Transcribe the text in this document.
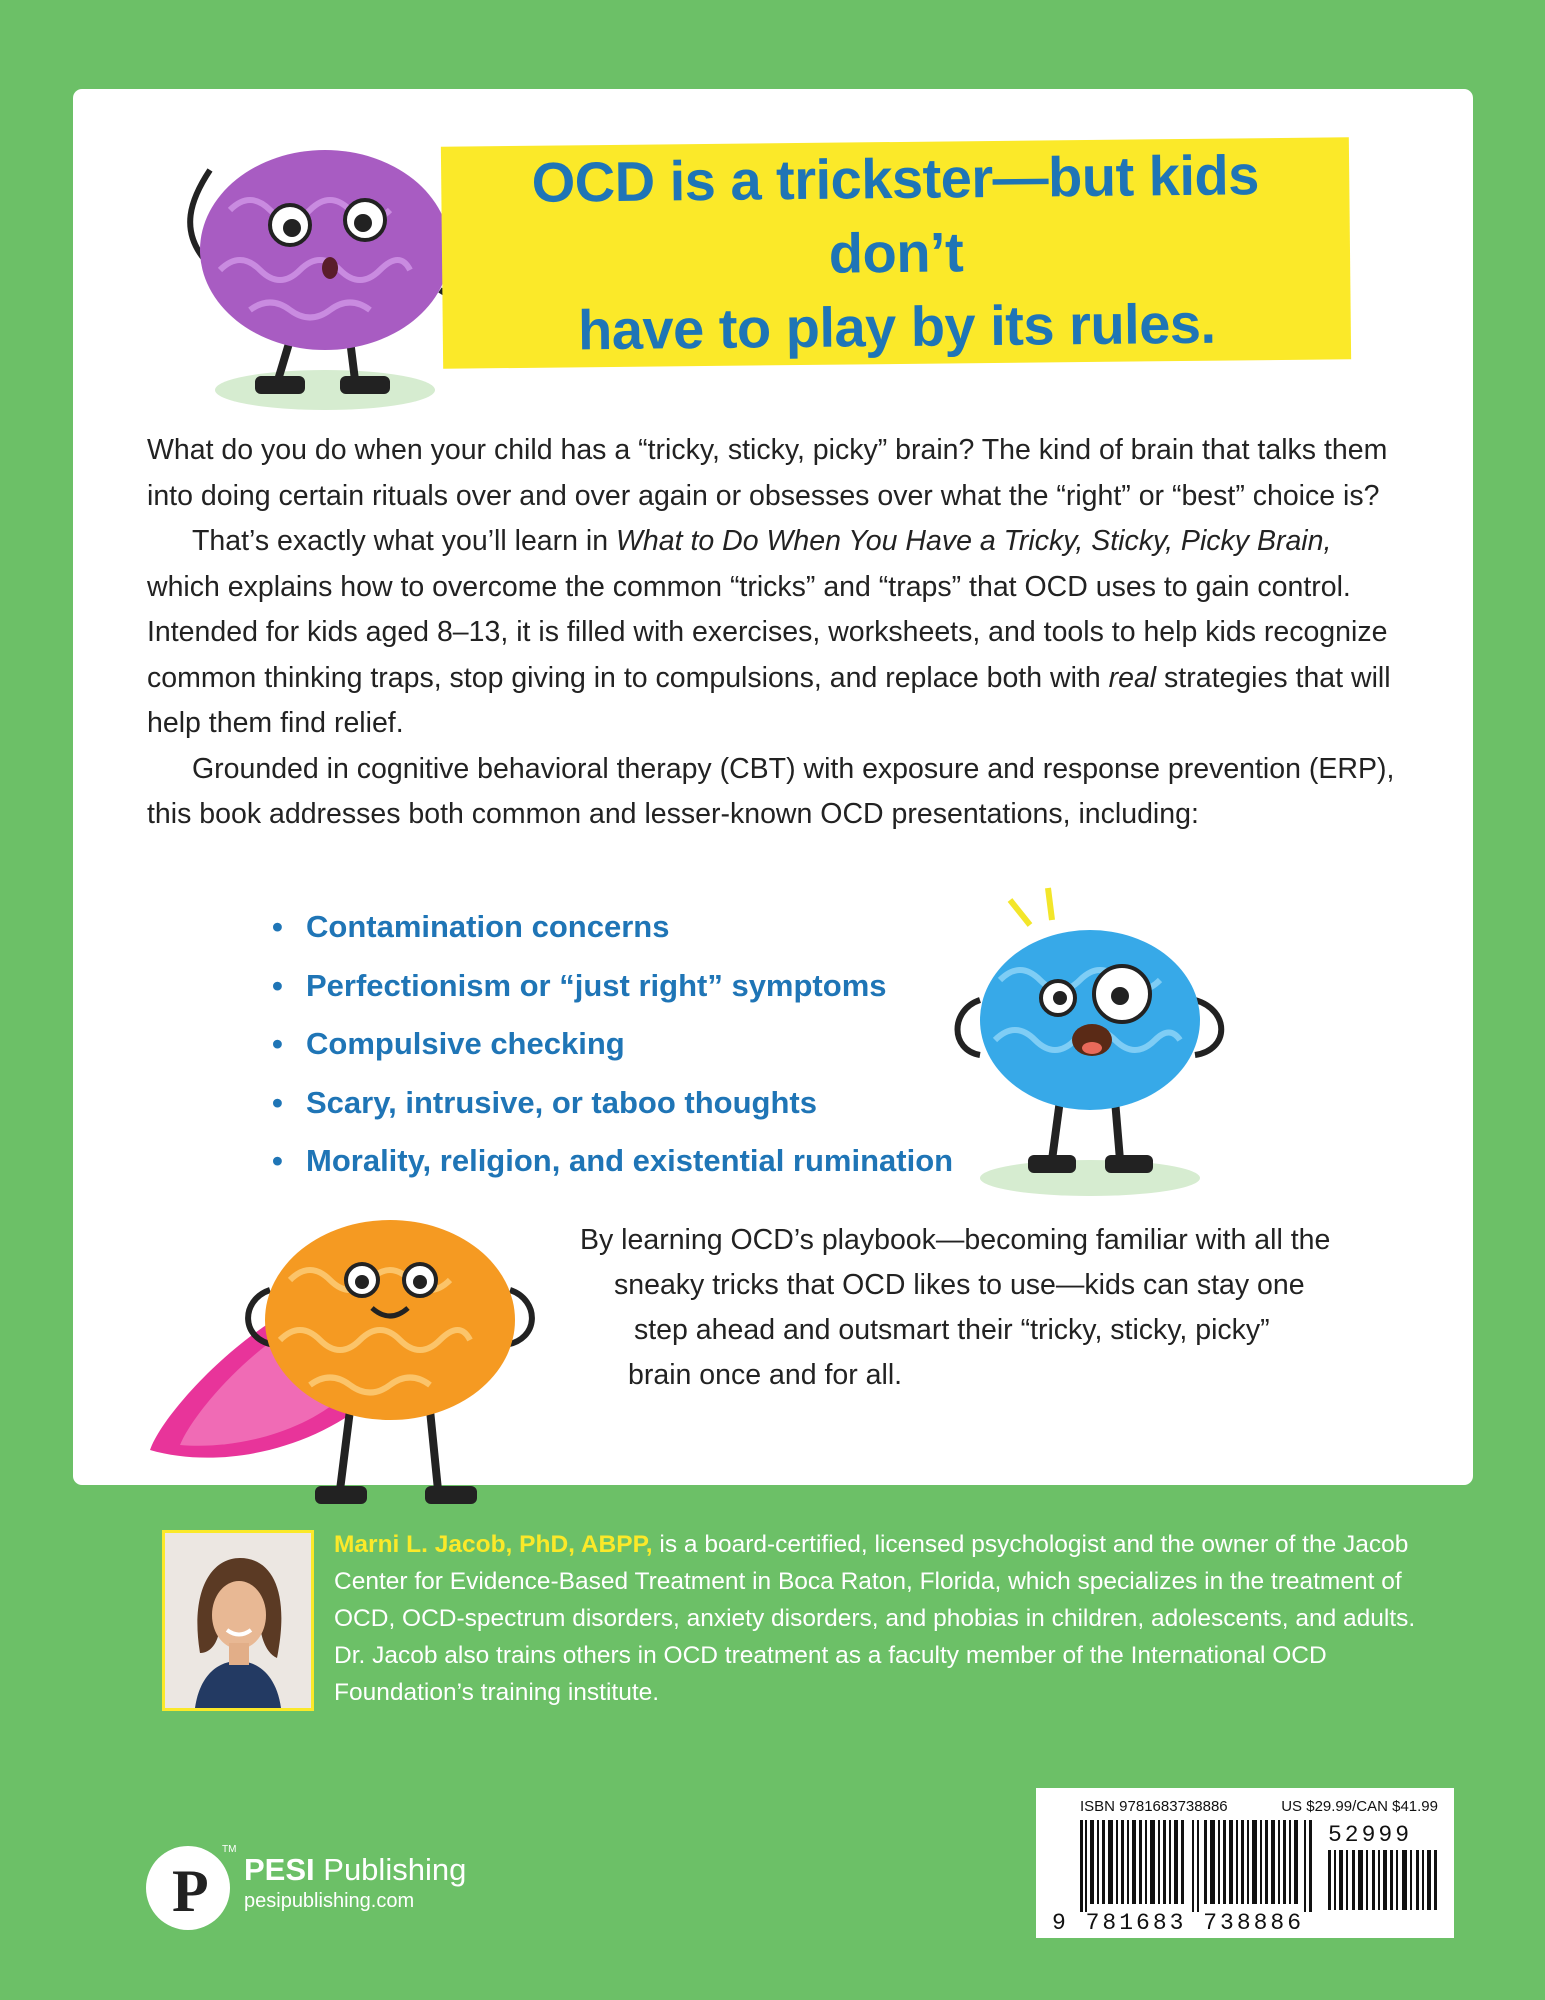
OCD is a trickster—but kids don’t
have to play by its rules.

What do you do when your child has a “tricky, sticky, picky” brain? The kind of brain that talks them into doing certain rituals over and over again or obsesses over what the “right” or “best” choice is?

That’s exactly what you’ll learn in What to Do When You Have a Tricky, Sticky, Picky Brain, which explains how to overcome the common “tricks” and “traps” that OCD uses to gain control. Intended for kids aged 8–13, it is filled with exercises, worksheets, and tools to help kids recognize common thinking traps, stop giving in to compulsions, and replace both with real strategies that will help them find relief.

Grounded in cognitive behavioral therapy (CBT) with exposure and response prevention (ERP), this book addresses both common and lesser-known OCD presentations, including:

• Contamination concerns
• Perfectionism or “just right” symptoms
• Compulsive checking
• Scary, intrusive, or taboo thoughts
• Morality, religion, and existential rumination
By learning OCD’s playbook—becoming familiar with all the
sneaky tricks that OCD likes to use—kids can stay one
step ahead and outsmart their “tricky, sticky, picky”
brain once and for all.
Marni L. Jacob, PhD, ABPP, is a board-certified, licensed psychologist and the owner of the Jacob Center for Evidence-Based Treatment in Boca Raton, Florida, which specializes in the treatment of OCD, OCD-spectrum disorders, anxiety disorders, and phobias in children, adolescents, and adults. Dr. Jacob also trains others in OCD treatment as a faculty member of the International OCD Foundation’s training institute.
P
TM
PESI Publishing
pesipublishing.com
ISBN 9781683738886	US $29.99/CAN $41.99
52999
9 781683 738886
